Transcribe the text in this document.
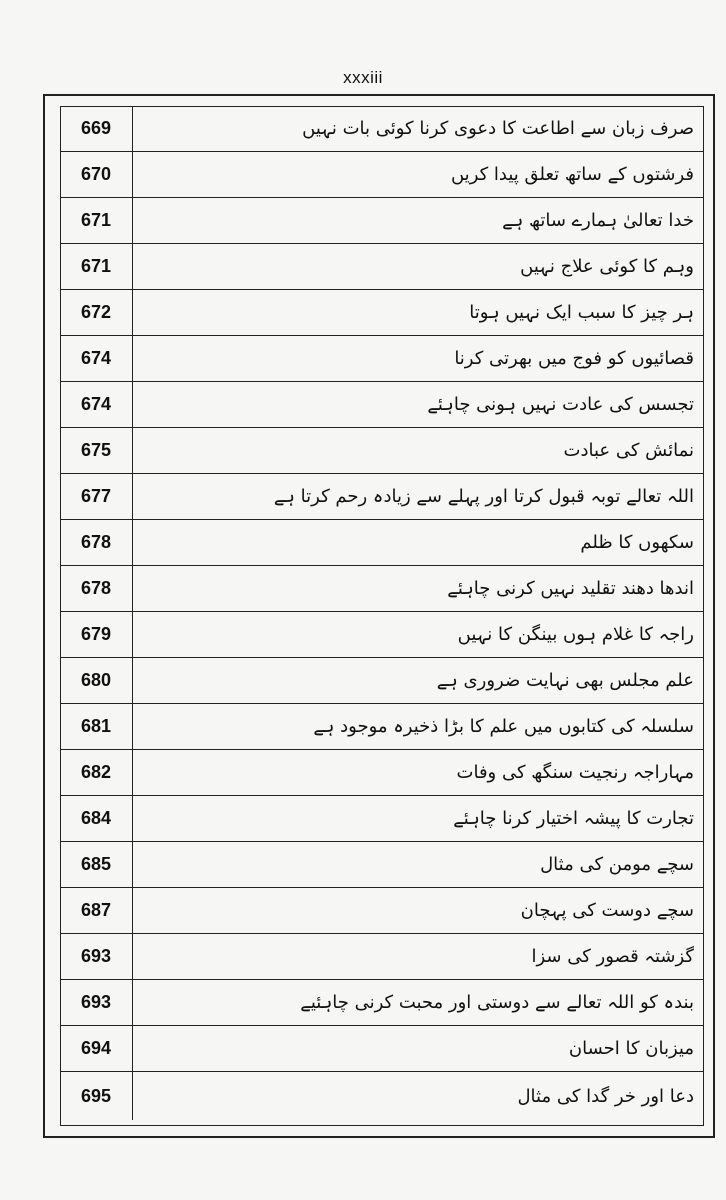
xxxiii
669	صرف زبان سے اطاعت کا دعوی کرنا کوئی بات نہیں
670	فرشتوں کے ساتھ تعلق پیدا کریں
671	خدا تعالیٰ ہمارے ساتھ ہے
671	وہم کا کوئی علاج نہیں
672	ہر چیز کا سبب ایک نہیں ہوتا
674	قصائیوں کو فوج میں بھرتی کرنا
674	تجسس کی عادت نہیں ہونی چاہئے
675	نمائش کی عبادت
677	اللہ تعالے توبہ قبول کرتا اور پہلے سے زیادہ رحم کرتا ہے
678	سکھوں کا ظلم
678	اندھا دھند تقلید نہیں کرنی چاہئے
679	راجہ کا غلام ہوں بینگن کا نہیں
680	علم مجلس بھی نہایت ضروری ہے
681	سلسلہ کی کتابوں میں علم کا بڑا ذخیرہ موجود ہے
682	مہاراجہ رنجیت سنگھ کی وفات
684	تجارت کا پیشہ اختیار کرنا چاہئے
685	سچے مومن کی مثال
687	سچے دوست کی پہچان
693	گزشتہ قصور کی سزا
693	بندہ کو اللہ تعالے سے دوستی اور محبت کرنی چاہئیے
694	میزبان کا احسان
695	دعا اور خر گدا کی مثال
